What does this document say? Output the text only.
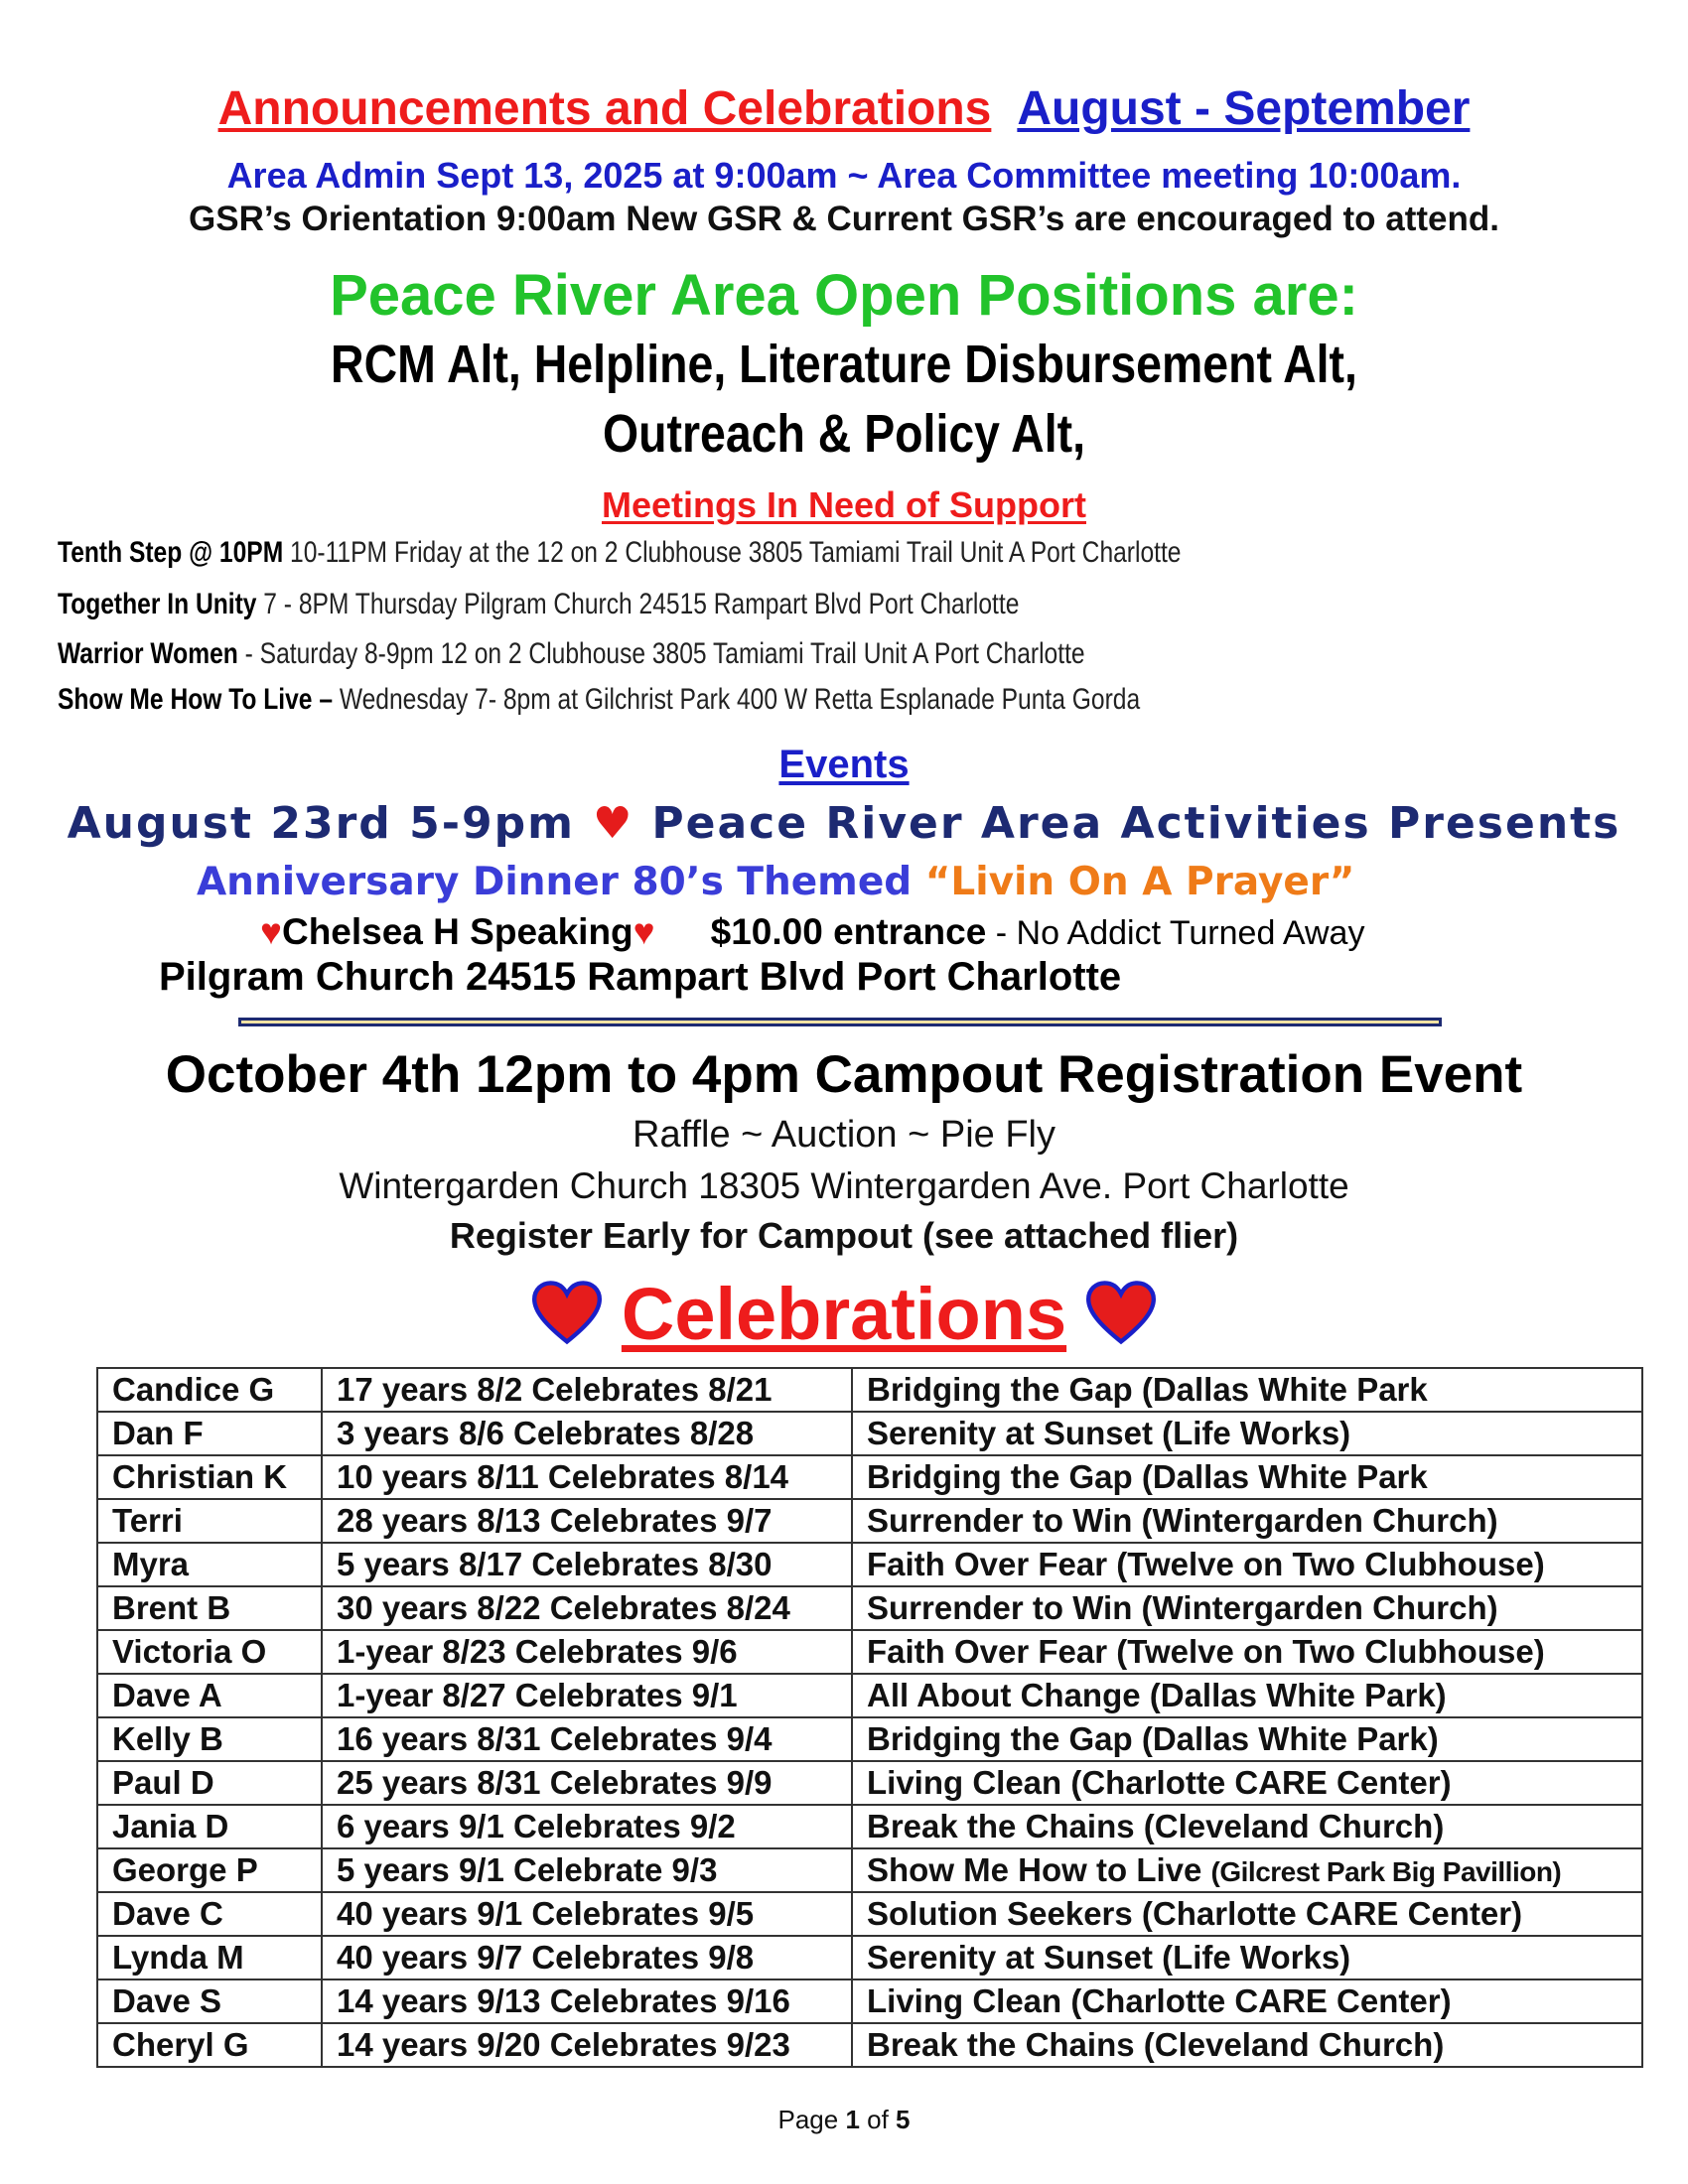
Announcements and Celebrations August - September
Area Admin Sept 13, 2025 at 9:00am ~ Area Committee meeting 10:00am.
GSR’s Orientation 9:00am New GSR & Current GSR’s are encouraged to attend.
Peace River Area Open Positions are:
RCM Alt, Helpline, Literature Disbursement Alt,
Outreach & Policy Alt,
Meetings In Need of Support
Tenth Step @ 10PM 10-11PM Friday at the 12 on 2 Clubhouse 3805 Tamiami Trail Unit A Port Charlotte
Together In Unity 7 - 8PM Thursday Pilgram Church 24515 Rampart Blvd Port Charlotte
Warrior Women - Saturday 8-9pm 12 on 2 Clubhouse 3805 Tamiami Trail Unit A Port Charlotte
Show Me How To Live – Wednesday 7- 8pm at Gilchrist Park 400 W Retta Esplanade Punta Gorda
Events
August 23rd 5-9pm ♥ Peace River Area Activities Presents
Anniversary Dinner 80’s Themed “Livin On A Prayer”
♥Chelsea H Speaking♥ $10.00 entrance - No Addict Turned Away
Pilgram Church 24515 Rampart Blvd Port Charlotte
October 4th 12pm to 4pm Campout Registration Event
Raffle ~ Auction ~ Pie Fly
Wintergarden Church 18305 Wintergarden Ave. Port Charlotte
Register Early for Campout (see attached flier)
Celebrations
Candice G	17 years 8/2 Celebrates 8/21	Bridging the Gap (Dallas White Park
Dan F	3 years 8/6 Celebrates 8/28	Serenity at Sunset (Life Works)
Christian K	10 years 8/11 Celebrates 8/14	Bridging the Gap (Dallas White Park
Terri	28 years 8/13 Celebrates 9/7	Surrender to Win (Wintergarden Church)
Myra	5 years 8/17 Celebrates 8/30	Faith Over Fear (Twelve on Two Clubhouse)
Brent B	30 years 8/22 Celebrates 8/24	Surrender to Win (Wintergarden Church)
Victoria O	1-year 8/23 Celebrates 9/6	Faith Over Fear (Twelve on Two Clubhouse)
Dave A	1-year 8/27 Celebrates 9/1	All About Change (Dallas White Park)
Kelly B	16 years 8/31 Celebrates 9/4	Bridging the Gap (Dallas White Park)
Paul D	25 years 8/31 Celebrates 9/9	Living Clean (Charlotte CARE Center)
Jania D	6 years 9/1 Celebrates 9/2	Break the Chains (Cleveland Church)
George P	5 years 9/1 Celebrate 9/3	Show Me How to Live (Gilcrest Park Big Pavillion)
Dave C	40 years 9/1 Celebrates 9/5	Solution Seekers (Charlotte CARE Center)
Lynda M	40 years 9/7 Celebrates 9/8	Serenity at Sunset (Life Works)
Dave S	14 years 9/13 Celebrates 9/16	Living Clean (Charlotte CARE Center)
Cheryl G	14 years 9/20 Celebrates 9/23	Break the Chains (Cleveland Church)
Page 1 of 5
